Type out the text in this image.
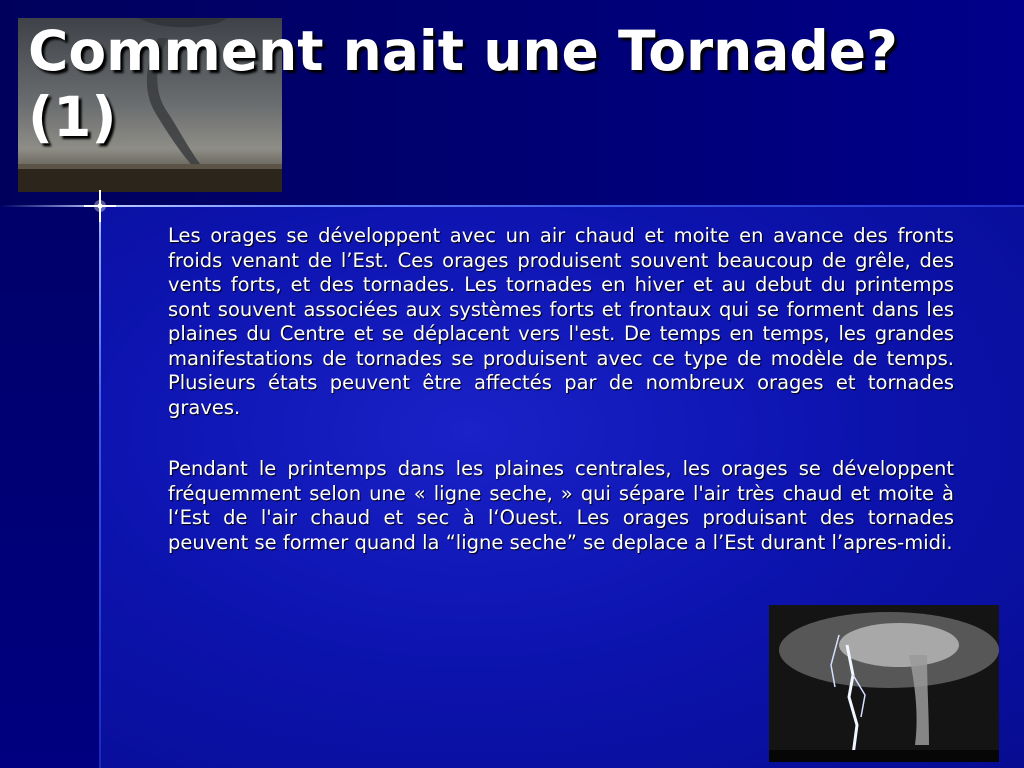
Comment nait une Tornade?
(1)

Les orages se développent avec un air chaud et moite en avance des fronts froids venant de l’Est. Ces orages produisent souvent beaucoup de grêle, des vents forts, et des tornades. Les tornades en hiver et au debut du printemps sont souvent associées aux systèmes forts et frontaux qui se forment dans les plaines du Centre et se déplacent vers l'est. De temps en temps, les grandes manifestations de tornades se produisent avec ce type de modèle de temps. Plusieurs états peuvent être affectés par de nombreux orages et tornades graves.

Pendant le printemps dans les plaines centrales, les orages se développent fréquemment selon une « ligne seche, » qui sépare l'air très chaud et moite à l‘Est de l'air chaud et sec à l‘Ouest. Les orages produisant des tornades peuvent se former quand la “ligne seche” se deplace a l’Est durant l’apres-midi.
